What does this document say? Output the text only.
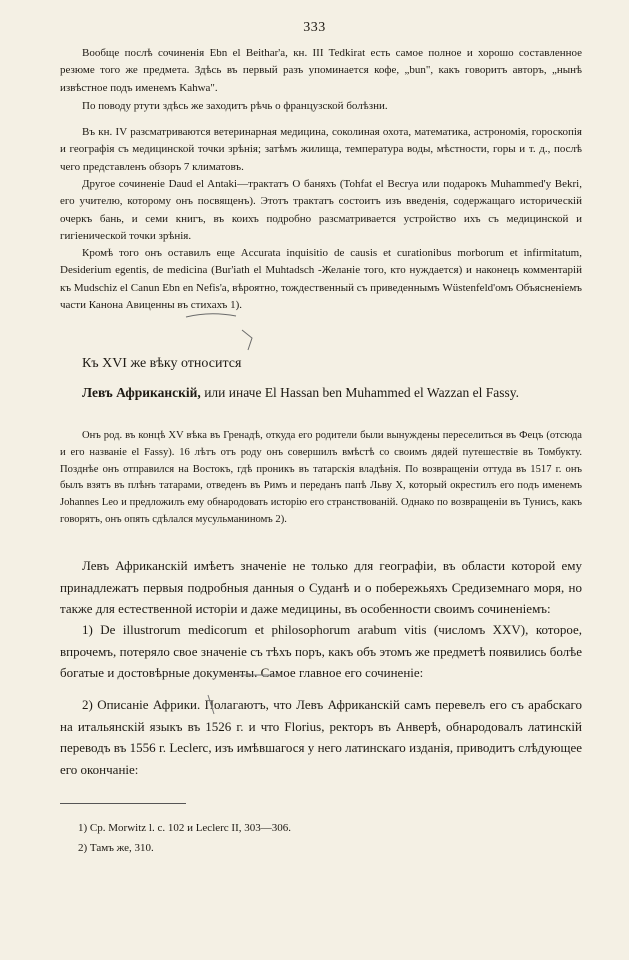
333

Вообще послѣ сочиненія Ebn el Beithar'a, кн. III Tedkirat есть самое полное и хорошо составленное резюме того же предмета. Здѣсь въ первый разъ упоминается кофе, „bun", какъ говоритъ авторъ, „нынѣ извѣстное подъ именемъ Kahwa".

По поводу ртути здѣсь же заходитъ рѣчь о французской болѣзни.

Въ кн. IV разсматриваются ветеринарная медицина, соколиная охота, математика, астрономія, гороскопія и географія съ медицинской точки зрѣнія; затѣмъ жилища, температура воды, мѣстности, горы и т. д., послѣ чего представленъ обзоръ 7 климатовъ.

Другое сочиненіе Daud el Antaki—трактатъ О баняхъ (Tohfat el Becrya или подарокъ Muhammed'у Bekri, его учителю, которому онъ посвященъ). Этотъ трактатъ состоитъ изъ введенія, содержащаго историческій очеркъ бань, и семи книгъ, въ коихъ подробно разсматривается устройство ихъ съ медицинской и гигіенической точки зрѣнія.

Кромѣ того онъ оставилъ еще Accurata inquisitio de causis et curationibus morborum et infirmitatum, Desiderium egentis, de medicina (Bur'iath el Muhtadsch -Желаніе того, кто нуждается) и наконецъ комментарій къ Mudschiz el Canun Ebn en Nefis'a, вѣроятно, тождественный съ приведеннымъ Wüstenfeld'омъ Объясненіемъ части Канона Авиценны въ стихахъ 1).

Къ XVI же вѣку относится

Левъ Африканскій, или иначе El Hassan ben Muhammed el Wazzan el Fassy.

Онъ род. въ концѣ XV вѣка въ Гренадѣ, откуда его родители были вынуждены переселиться въ Фецъ (отсюда и его названіе el Fassy). 16 лѣтъ отъ роду онъ совершилъ вмѣстѣ со своимъ дядей путешествіе въ Томбукту. Позднѣе онъ отправился на Востокъ, гдѣ проникъ въ татарскія владѣнія. По возвращеніи оттуда въ 1517 г. онъ былъ взятъ въ плѣнъ татарами, отведенъ въ Римъ и переданъ папѣ Льву X, который окрестилъ его подъ именемъ Johannes Leo и предложилъ ему обнародовать исторію его странствованій. Однако по возвращеніи въ Тунисъ, какъ говорятъ, онъ опять сдѣлался мусульманиномъ 2).

Левъ Африканскій имѣетъ значеніе не только для географіи, въ области которой ему принадлежатъ первыя подробныя данныя о Суданѣ и о побережьяхъ Средиземнаго моря, но также для естественной исторіи и даже медицины, въ особенности своимъ сочиненіемъ:

1) De illustrorum medicorum et philosophorum arabum vitis (числомъ XXV), которое, впрочемъ, потеряло свое значеніе съ тѣхъ поръ, какъ объ этомъ же предметѣ появились болѣе богатые и достовѣрные документы. Самое главное его сочиненіе:

2) Описаніе Африки. Полагаютъ, что Левъ Африканскій самъ перевелъ его съ арабскаго на итальянскій языкъ въ 1526 г. и что Florius, ректоръ въ Анверѣ, обнародовалъ латинскій переводъ въ 1556 г. Leclerc, изъ имѣвшагося у него латинскаго изданія, приводитъ слѣдующее его окончаніе:

1) Ср. Morwitz l. c. 102 и Leclerc II, 303—306.
2) Тамъ же, 310.
